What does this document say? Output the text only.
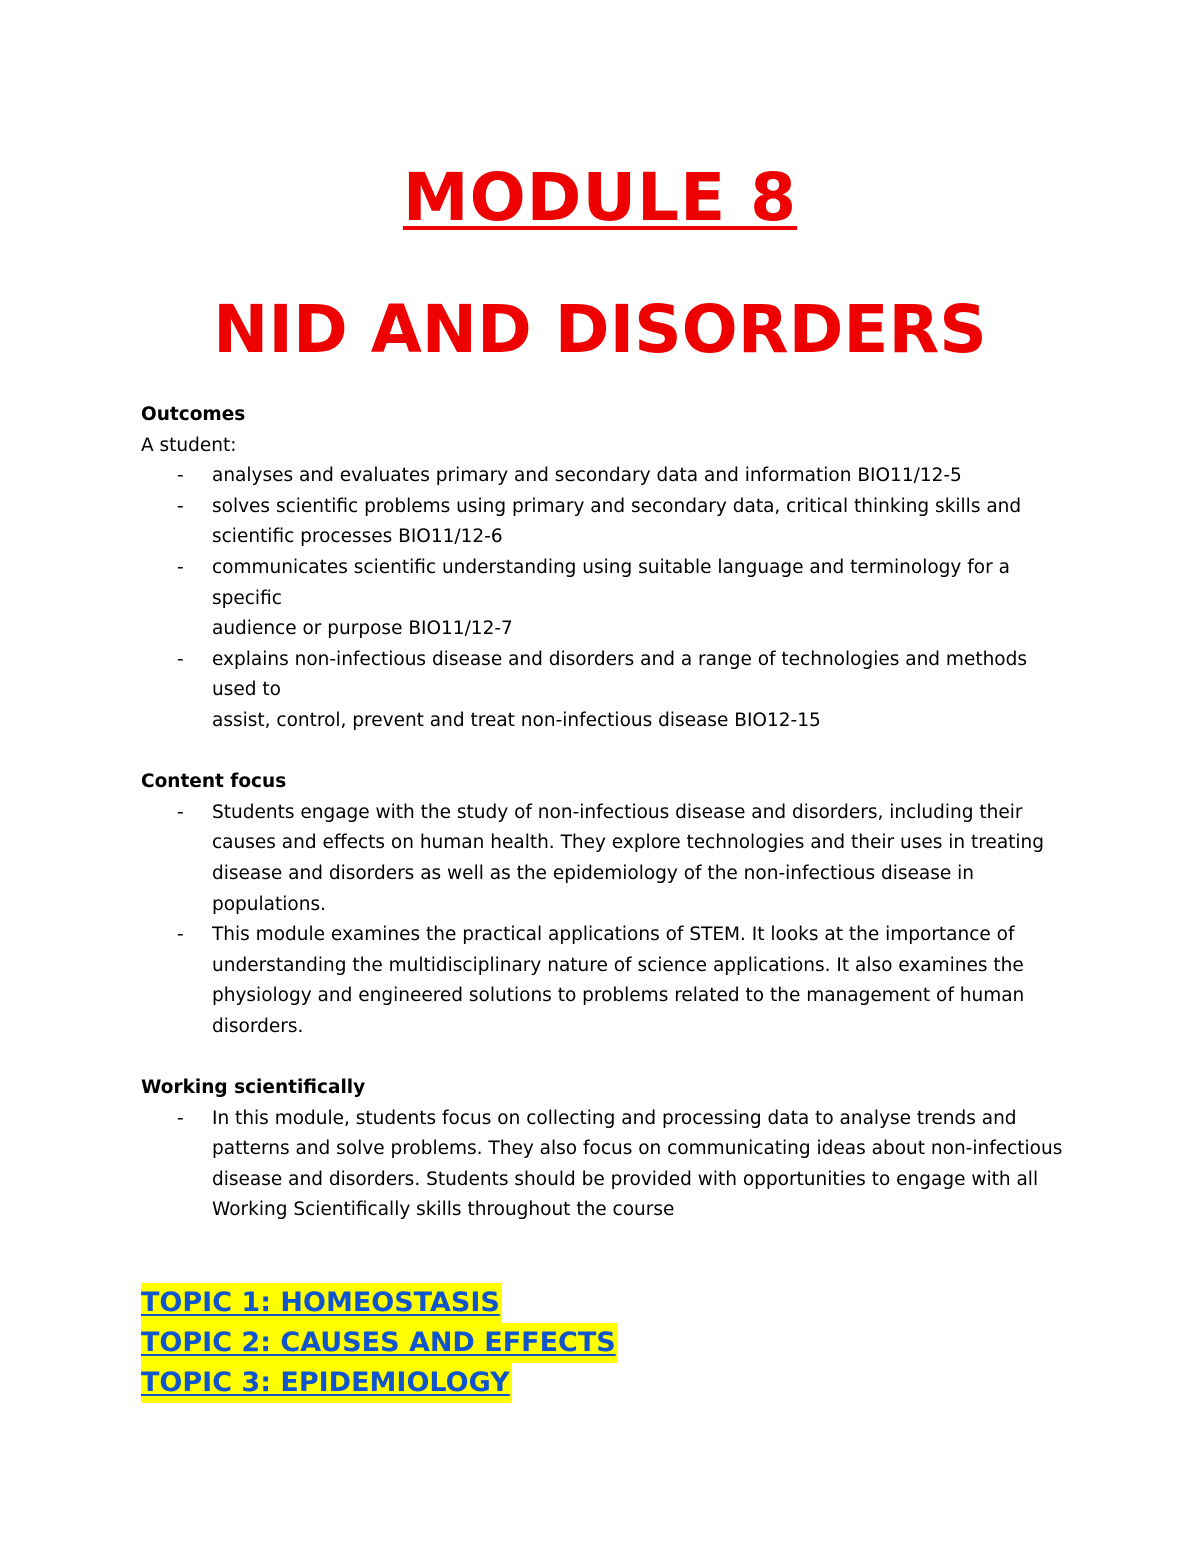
MODULE 8
NID AND DISORDERS

Outcomes

A student:

- analyses and evaluates primary and secondary data and information BIO11/12-5
- solves scientific problems using primary and secondary data, critical thinking skills and scientific processes BIO11/12-6
- communicates scientific understanding using suitable language and terminology for a specific
audience or purpose BIO11/12-7
- explains non-infectious disease and disorders and a range of technologies and methods used to
assist, control, prevent and treat non-infectious disease BIO12-15

Content focus

- Students engage with the study of non-infectious disease and disorders, including their causes and effects on human health. They explore technologies and their uses in treating disease and disorders as well as the epidemiology of the non-infectious disease in populations.
- This module examines the practical applications of STEM. It looks at the importance of understanding the multidisciplinary nature of science applications. It also examines the physiology and engineered solutions to problems related to the management of human disorders.

Working scientifically

- In this module, students focus on collecting and processing data to analyse trends and patterns and solve problems. They also focus on communicating ideas about non-infectious disease and disorders. Students should be provided with opportunities to engage with all Working Scientifically skills throughout the course
TOPIC 1: HOMEOSTASIS
TOPIC 2: CAUSES AND EFFECTS
TOPIC 3: EPIDEMIOLOGY
